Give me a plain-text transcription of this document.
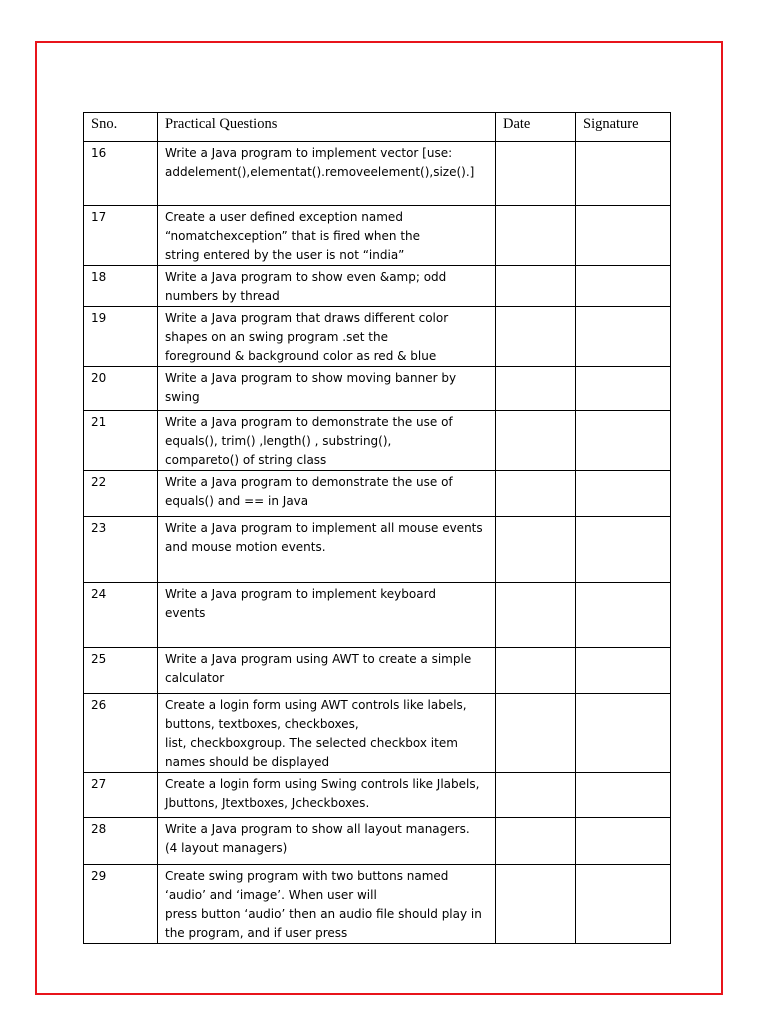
Sno.	Practical Questions	Date	Signature
16	Write a Java program to implement vector [use:
addelement(),elementat().removeelement(),size().]		
17	Create a user defined exception named
“nomatchexception” that is fired when the
string entered by the user is not “india”		
18	Write a Java program to show even &amp; odd
numbers by thread		
19	Write a Java program that draws different color
shapes on an swing program .set the
foreground & background color as red & blue		
20	Write a Java program to show moving banner by
swing		
21	Write a Java program to demonstrate the use of
equals(), trim() ,length() , substring(),
compareto() of string class		
22	Write a Java program to demonstrate the use of
equals() and == in Java		
23	Write a Java program to implement all mouse events
and mouse motion events.		
24	Write a Java program to implement keyboard
events		
25	Write a Java program using AWT to create a simple
calculator		
26	Create a login form using AWT controls like labels,
buttons, textboxes, checkboxes,
list, checkboxgroup. The selected checkbox item
names should be displayed		
27	Create a login form using Swing controls like Jlabels,
Jbuttons, Jtextboxes, Jcheckboxes.		
28	Write a Java program to show all layout managers.
(4 layout managers)		
29	Create swing program with two buttons named
‘audio’ and ‘image’. When user will
press button ‘audio’ then an audio file should play in
the program, and if user press		
